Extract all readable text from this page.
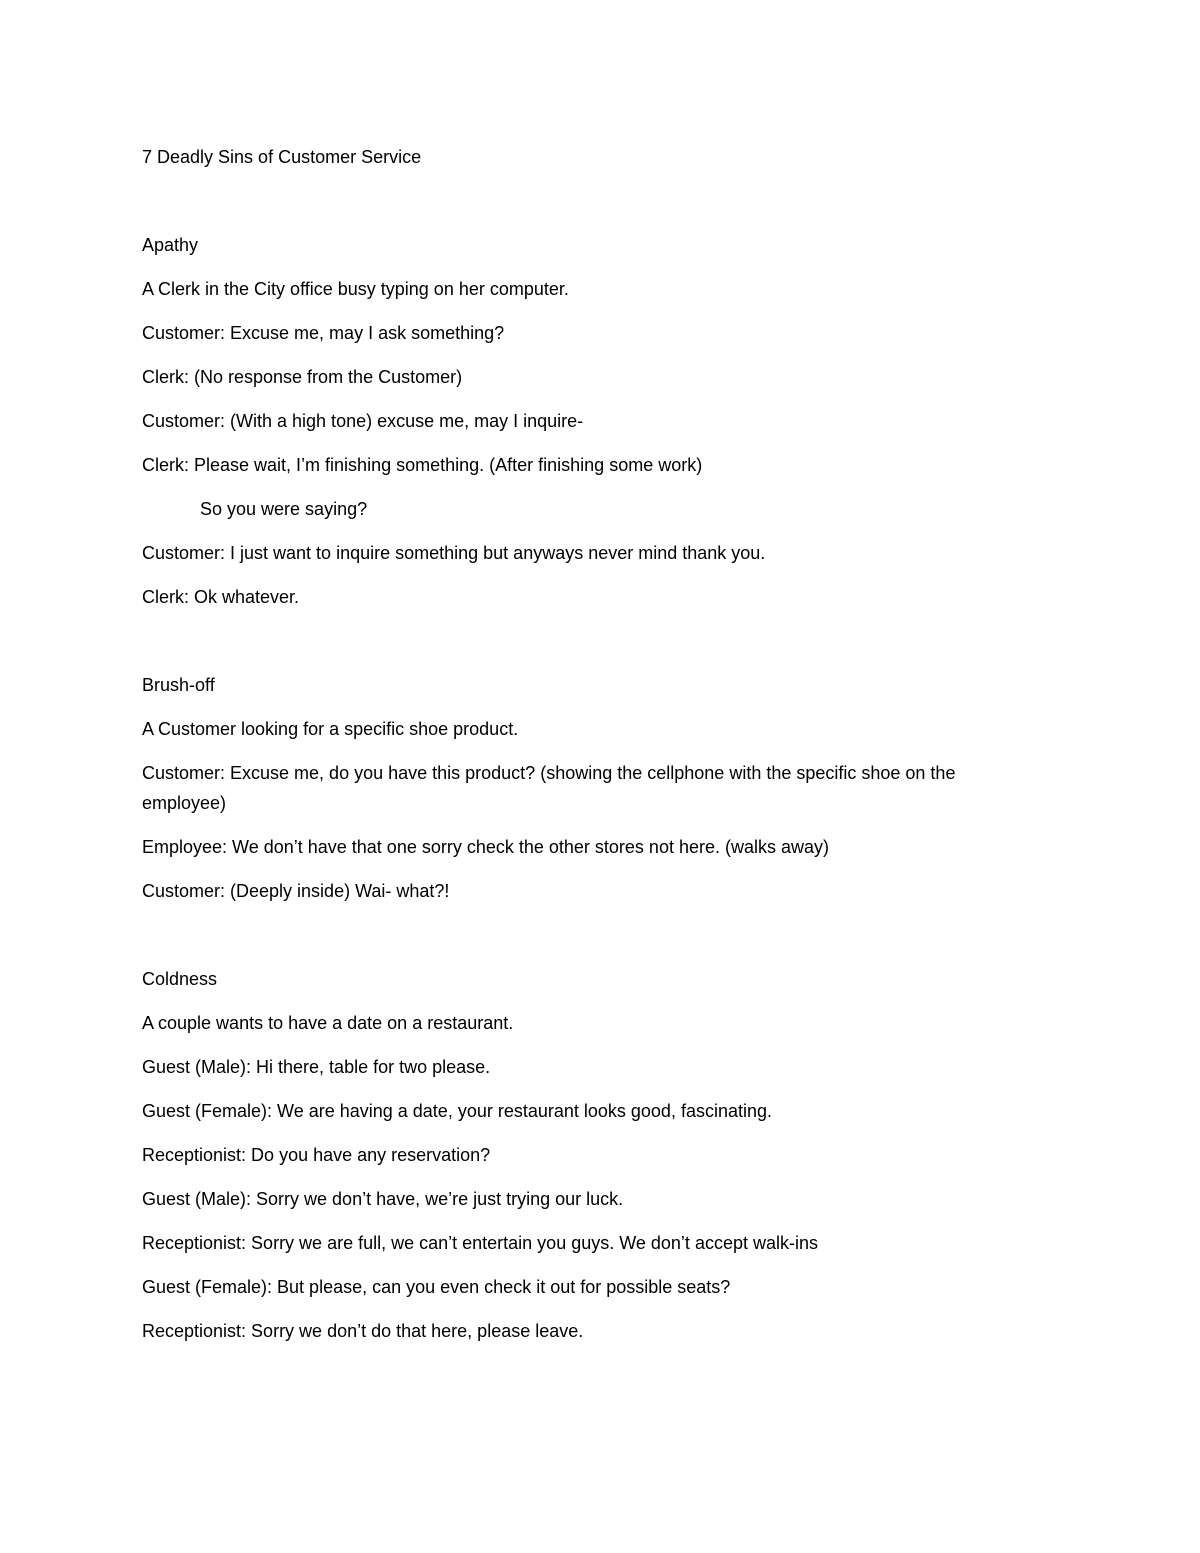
7 Deadly Sins of Customer Service
Apathy
A Clerk in the City office busy typing on her computer.
Customer: Excuse me, may I ask something?
Clerk: (No response from the Customer)
Customer: (With a high tone) excuse me, may I inquire-
Clerk: Please wait, I’m finishing something. (After finishing some work)
So you were saying?
Customer: I just want to inquire something but anyways never mind thank you.
Clerk: Ok whatever.
Brush-off
A Customer looking for a specific shoe product.
Customer: Excuse me, do you have this product? (showing the cellphone with the specific shoe on the employee)
Employee: We don’t have that one sorry check the other stores not here. (walks away)
Customer: (Deeply inside) Wai- what?!
Coldness
A couple wants to have a date on a restaurant.
Guest (Male): Hi there, table for two please.
Guest (Female): We are having a date, your restaurant looks good, fascinating.
Receptionist: Do you have any reservation?
Guest (Male): Sorry we don’t have, we’re just trying our luck.
Receptionist: Sorry we are full, we can’t entertain you guys. We don’t accept walk-ins
Guest (Female): But please, can you even check it out for possible seats?
Receptionist: Sorry we don’t do that here, please leave.
